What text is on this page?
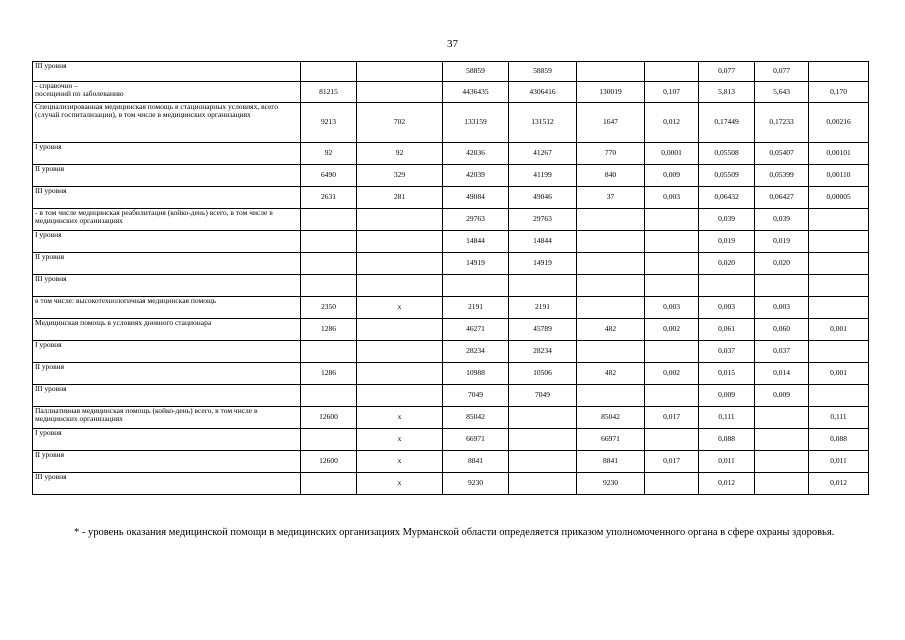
37
III уровня			58859	58859			0,077	0,077	
- справочно –
посещений по заболеванию	81215		4436435	4306416	130019	0,107	5,813	5,643	0,170
Специализированная медицинская помощь в стационарных условиях, всего
(случай госпитализации), в том числе в медицинских организациях	9213	702	133159	131512	1647	0,012	0,17449	0,17233	0,00216
I уровня	92	92	42036	41267	770	0,0001	0,05508	0,05407	0,00101
II уровня	6490	329	42039	41199	840	0,009	0,05509	0,05399	0,00110
III уровня	2631	281	49084	49046	37	0,003	0,06432	0,06427	0,00005
- в том числе медицинская реабилитация (койко-день) всего, в том числе в медицинских организациях			29763	29763			0,039	0,039	
I уровня			14844	14844			0,019	0,019	
II уровня			14919	14919			0,020	0,020	
III уровня									
в том числе: высокотехнологичная медицинская помощь	2350	х	2191	2191		0,003	0,003	0,003	
Медицинская помощь в условиях дневного стационара	1286		46271	45789	482	0,002	0,061	0,060	0,001
I уровня			28234	28234			0,037	0,037	
II уровня	1286		10988	10506	482	0,002	0,015	0,014	0,001
III уровня			7049	7049			0,009	0,009	
Паллиативная медицинская помощь (койко-день) всего, в том числе в медицинских организациях	12600	х	85042		85042	0,017	0,111		0,111
I уровня		х	66971		66971		0,088		0,088
II уровня	12600	х	8841		8841	0,017	0,011		0,011
III уровня		х	9230		9230		0,012		0,012
* - уровень оказания медицинской помощи в медицинских организациях Мурманской области определяется приказом уполномоченного органа в сфере охраны здоровья.
